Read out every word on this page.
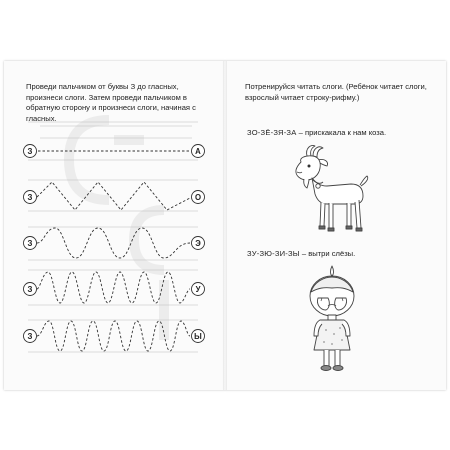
Проведи пальчиком от буквы З до гласных, произнеси слоги. Затем проведи пальчиком в обратную сторону и произнеси слоги, начиная с гласных.
Потренируйся читать слоги. (Ребёнок читает слоги, взрослый читает строку-рифму.)
З	А
З	О
З	Э
З	У
З	Ы
ЗО-ЗЁ-ЗЯ-ЗА – прискакала к нам коза.
ЗУ-ЗЮ-ЗИ-ЗЫ – вытри слёзы.
